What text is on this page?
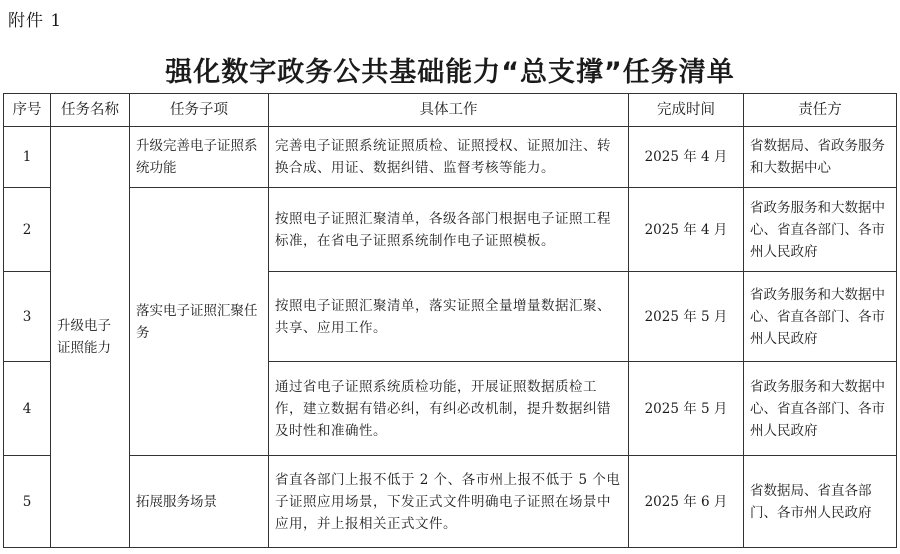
附件 1
强化数字政务公共基础能力“总支撑”任务清单
序号	任务名称	任务子项	具体工作	完成时间	责任方
1	升级电子证照能力	升级完善电子证照系统功能	完善电子证照系统证照质检、证照授权、证照加注、转换合成、用证、数据纠错、监督考核等能力。	2025 年 4 月	省数据局、省政务服务和大数据中心
2		落实电子证照汇聚任务	按照电子证照汇聚清单，各级各部门根据电子证照工程标准，在省电子证照系统制作电子证照模板。	2025 年 4 月	省政务服务和大数据中心、省直各部门、各市州人民政府
3			按照电子证照汇聚清单，落实证照全量增量数据汇聚、共享、应用工作。	2025 年 5 月	省政务服务和大数据中心、省直各部门、各市州人民政府
4			通过省电子证照系统质检功能，开展证照数据质检工作，建立数据有错必纠，有纠必改机制，提升数据纠错及时性和准确性。	2025 年 5 月	省政务服务和大数据中心、省直各部门、各市州人民政府
5		拓展服务场景	省直各部门上报不低于 2 个、各市州上报不低于 5 个电子证照应用场景，下发正式文件明确电子证照在场景中应用，并上报相关正式文件。	2025 年 6 月	省数据局、省直各部门、各市州人民政府
